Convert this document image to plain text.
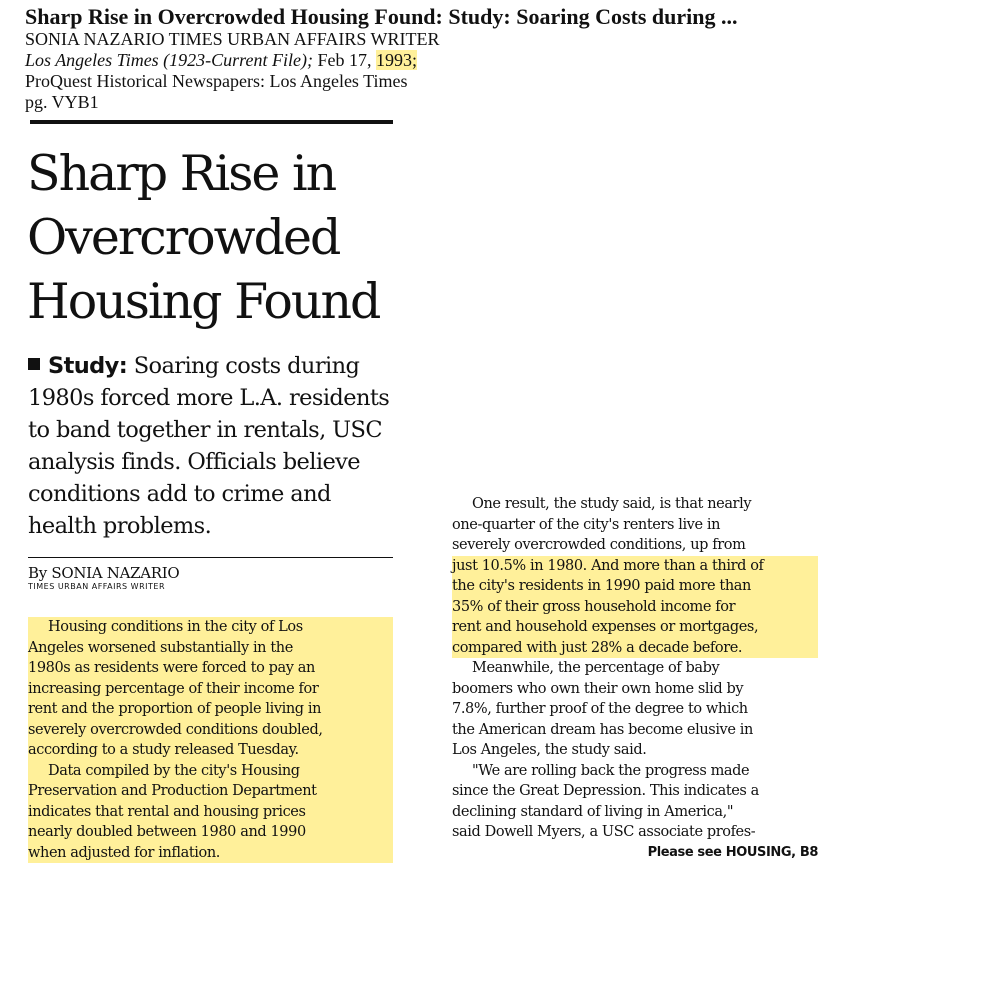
Sharp Rise in Overcrowded Housing Found: Study: Soaring Costs during ...
SONIA NAZARIO TIMES URBAN AFFAIRS WRITER
Los Angeles Times (1923-Current File); Feb 17, 1993;
ProQuest Historical Newspapers: Los Angeles Times
pg. VYB1
Sharp Rise in
Overcrowded
Housing Found
Study: Soaring costs during
1980s forced more L.A. residents
to band together in rentals, USC
analysis finds. Officials believe
conditions add to crime and
health problems.
By SONIA NAZARIO
TIMES URBAN AFFAIRS WRITER
Housing conditions in the city of Los
Angeles worsened substantially in the
1980s as residents were forced to pay an
increasing percentage of their income for
rent and the proportion of people living in
severely overcrowded conditions doubled,
according to a study released Tuesday.
Data compiled by the city's Housing
Preservation and Production Department
indicates that rental and housing prices
nearly doubled between 1980 and 1990
when adjusted for inflation.
One result, the study said, is that nearly
one-quarter of the city's renters live in
severely overcrowded conditions, up from
just 10.5% in 1980. And more than a third of
the city's residents in 1990 paid more than
35% of their gross household income for
rent and household expenses or mortgages,
compared with just 28% a decade before.
Meanwhile, the percentage of baby
boomers who own their own home slid by
7.8%, further proof of the degree to which
the American dream has become elusive in
Los Angeles, the study said.
"We are rolling back the progress made
since the Great Depression. This indicates a
declining standard of living in America,"
said Dowell Myers, a USC associate profes-
Please see HOUSING, B8
